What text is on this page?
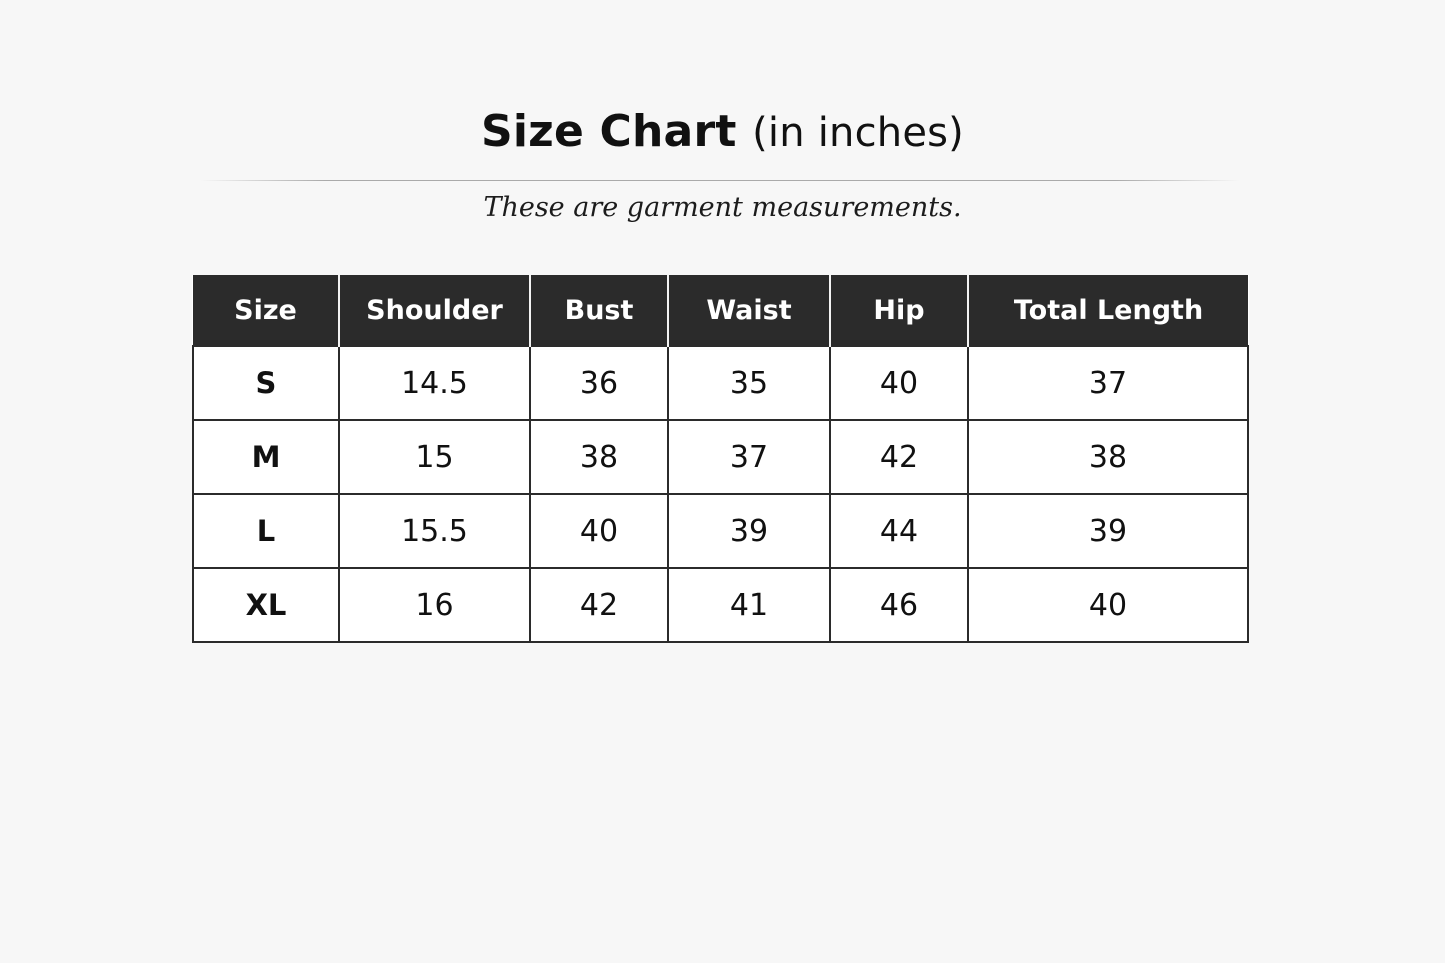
Size Chart (in inches)
These are garment measurements.
Size	Shoulder	Bust	Waist	Hip	Total Length
S	14.5	36	35	40	37
M	15	38	37	42	38
L	15.5	40	39	44	39
XL	16	42	41	46	40
